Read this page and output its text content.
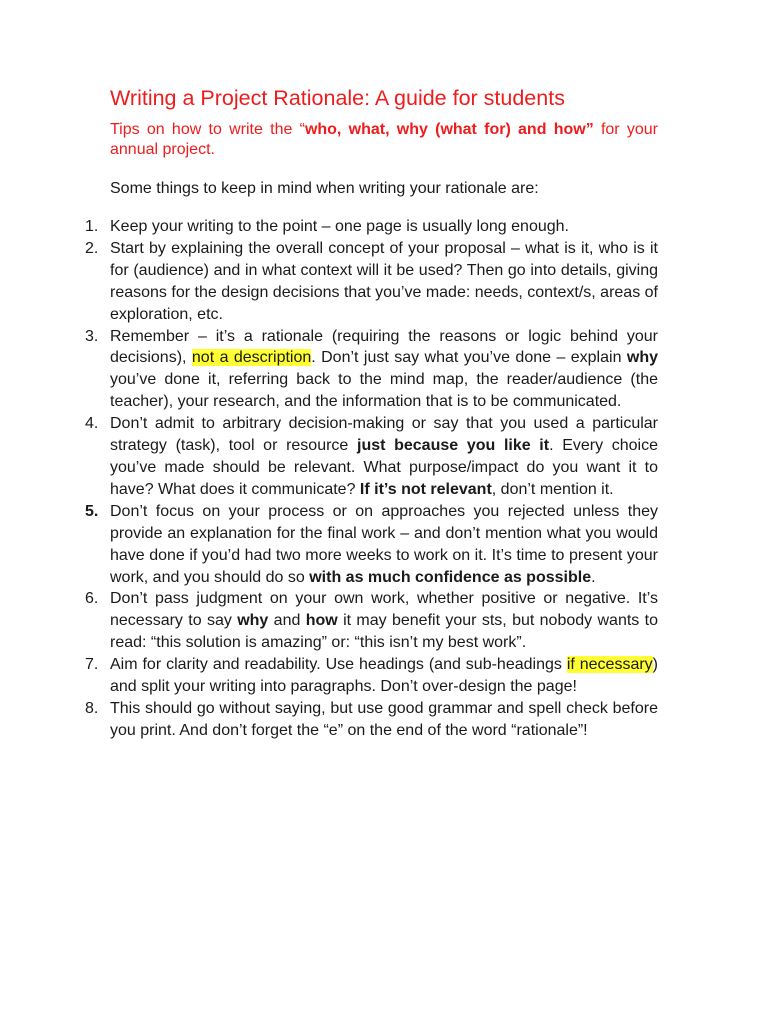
Writing a Project Rationale: A guide for students

Tips on how to write the “who, what, why (what for) and how” for your annual project.

Some things to keep in mind when writing your rationale are:

1. Keep your writing to the point – one page is usually long enough.
2. Start by explaining the overall concept of your proposal – what is it, who is it for (audience) and in what context will it be used? Then go into details, giving reasons for the design decisions that you’ve made: needs, context/s, areas of exploration, etc.
3. Remember – it’s a rationale (requiring the reasons or logic behind your decisions), not a description. Don’t just say what you’ve done – explain why you’ve done it, referring back to the mind map, the reader/audience (the teacher), your research, and the information that is to be communicated.
4. Don’t admit to arbitrary decision-making or say that you used a particular strategy (task), tool or resource just because you like it. Every choice you’ve made should be relevant. What purpose/impact do you want it to have? What does it communicate? If it’s not relevant, don’t mention it.
5. Don’t focus on your process or on approaches you rejected unless they provide an explanation for the final work – and don’t mention what you would have done if you’d had two more weeks to work on it. It’s time to present your work, and you should do so with as much confidence as possible.
6. Don’t pass judgment on your own work, whether positive or negative. It’s necessary to say why and how it may benefit your sts, but nobody wants to read: “this solution is amazing” or: “this isn’t my best work”.
7. Aim for clarity and readability. Use headings (and sub-headings if necessary) and split your writing into paragraphs. Don’t over-design the page!
8. This should go without saying, but use good grammar and spell check before you print. And don’t forget the “e” on the end of the word “rationale”!
